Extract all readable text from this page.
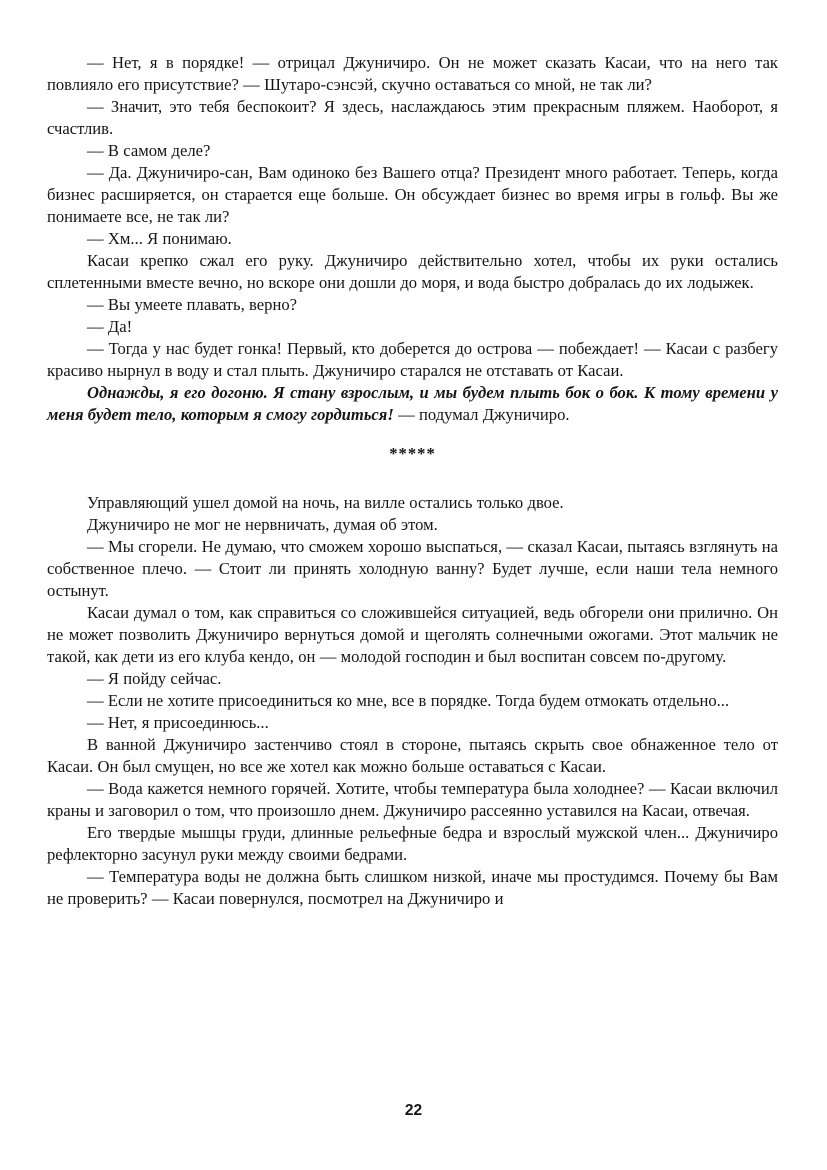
— Нет, я в порядке! — отрицал Джуничиро. Он не может сказать Касаи, что на него так повлияло его присутствие? — Шутаро-сэнсэй, скучно оставаться со мной, не так ли?

— Значит, это тебя беспокоит? Я здесь, наслаждаюсь этим прекрасным пляжем. Наоборот, я счастлив.

— В самом деле?

— Да. Джуничиро-сан, Вам одиноко без Вашего отца? Президент много работает. Теперь, когда бизнес расширяется, он старается еще больше. Он обсуждает бизнес во время игры в гольф. Вы же понимаете все, не так ли?

— Хм... Я понимаю.

Касаи крепко сжал его руку. Джуничиро действительно хотел, чтобы их руки остались сплетенными вместе вечно, но вскоре они дошли до моря, и вода быстро добралась до их лодыжек.

— Вы умеете плавать, верно?

— Да!

— Тогда у нас будет гонка! Первый, кто доберется до острова — побеждает! — Касаи с разбегу красиво нырнул в воду и стал плыть. Джуничиро старался не отставать от Касаи.

Однажды, я его догоню. Я стану взрослым, и мы будем плыть бок о бок. К тому времени у меня будет тело, которым я смогу гордиться! — подумал Джуничиро.

*****

Управляющий ушел домой на ночь, на вилле остались только двое.

Джуничиро не мог не нервничать, думая об этом.

— Мы сгорели. Не думаю, что сможем хорошо выспаться, — сказал Касаи, пытаясь взглянуть на собственное плечо. — Стоит ли принять холодную ванну? Будет лучше, если наши тела немного остынут.

Касаи думал о том, как справиться со сложившейся ситуацией, ведь обгорели они прилично. Он не может позволить Джуничиро вернуться домой и щеголять солнечными ожогами. Этот мальчик не такой, как дети из его клуба кендо, он — молодой господин и был воспитан совсем по-другому.

— Я пойду сейчас.

— Если не хотите присоединиться ко мне, все в порядке. Тогда будем отмокать отдельно...

— Нет, я присоединюсь...

В ванной Джуничиро застенчиво стоял в стороне, пытаясь скрыть свое обнаженное тело от Касаи. Он был смущен, но все же хотел как можно больше оставаться с Касаи.

— Вода кажется немного горячей. Хотите, чтобы температура была холоднее? — Касаи включил краны и заговорил о том, что произошло днем. Джуничиро рассеянно уставился на Касаи, отвечая.

Его твердые мышцы груди, длинные рельефные бедра и взрослый мужской член... Джуничиро рефлекторно засунул руки между своими бедрами.

— Температура воды не должна быть слишком низкой, иначе мы простудимся. Почему бы Вам не проверить? — Касаи повернулся, посмотрел на Джуничиро и

22
